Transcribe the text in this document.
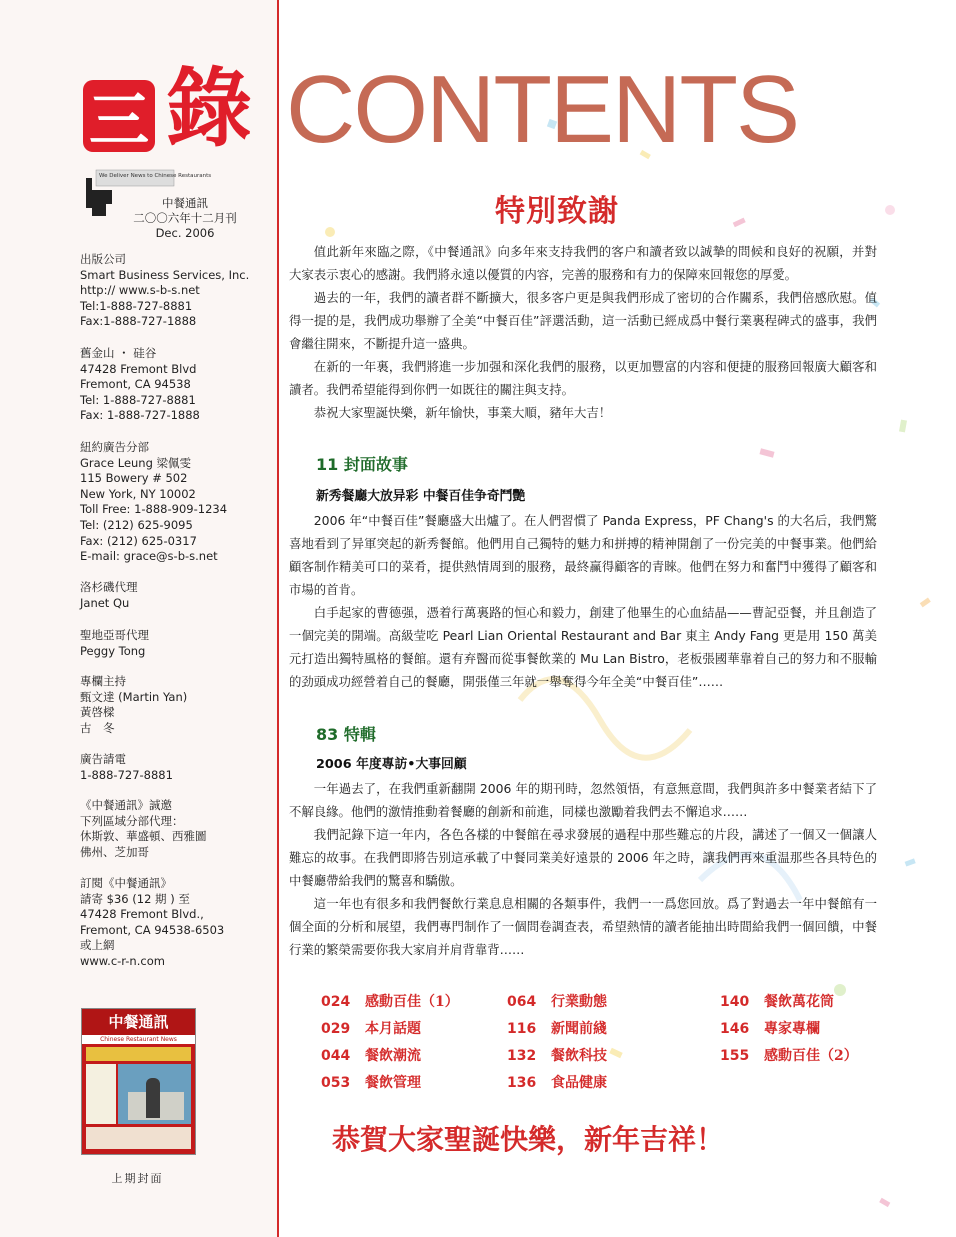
三 錄 CONTENTS
We Deliver News to Chinese Restaurants
中餐通訊
二〇〇六年十二月刊
Dec. 2006
出版公司
Smart Business Services, Inc.
http:// www.s-b-s.net
Tel:1-888-727-8881
Fax:1-888-727-1888
舊金山 ・ 硅谷
47428 Fremont Blvd
Fremont, CA 94538
Tel: 1-888-727-8881
Fax: 1-888-727-1888
紐約廣告分部
Grace Leung 梁佩雯
115 Bowery # 502
New York, NY 10002
Toll Free: 1-888-909-1234
Tel: (212) 625-9095
Fax: (212) 625-0317
E-mail: grace@s-b-s.net
洛杉磯代理
Janet Qu
聖地亞哥代理
Peggy Tong
專欄主持
甄文達 (Martin Yan)
黃啓樑
古　冬
廣告請電
1-888-727-8881
《中餐通訊》誠邀
下列區域分部代理：
休斯敦、華盛頓、西雅圖
佛州、芝加哥
訂閱《中餐通訊》
請寄 $36 (12 期 ) 至
47428 Fremont Blvd.,
Fremont, CA 94538-6503
或上網
www.c-r-n.com
中餐通訊
Chinese Restaurant News
上期封面
特別致謝
值此新年來臨之際，《中餐通訊》向多年來支持我們的客户和讀者致以誠摯的問候和良好的祝願，并對大家表示衷心的感謝。我們將永遠以優質的内容，完善的服務和有力的保障來回報您的厚愛。
過去的一年，我們的讀者群不斷擴大，很多客户更是與我們形成了密切的合作關系，我們倍感欣慰。值得一提的是，我們成功舉辦了全美“中餐百佳”評選活動，這一活動已經成爲中餐行業裏程碑式的盛事，我們會繼往開來，不斷提升這一盛典。
在新的一年裏，我們將進一步加强和深化我們的服務，以更加豐富的内容和便捷的服務回報廣大顧客和讀者。我們希望能得到你們一如既往的關注與支持。
恭祝大家聖誕快樂，新年愉快，事業大順，豬年大吉！
11 封面故事
新秀餐廳大放异彩 中餐百佳争奇鬥艷
2006 年“中餐百佳”餐廳盛大出爐了。在人們習慣了 Panda Express，PF Chang's 的大名后，我們驚喜地看到了异軍突起的新秀餐館。他們用自己獨特的魅力和拼搏的精神開創了一份完美的中餐事業。他們給顧客制作精美可口的菜肴，提供熱情周到的服務，最終赢得顧客的青睞。他們在努力和奮鬥中獲得了顧客和市場的首肯。
白手起家的曹德强，憑着行萬裏路的恒心和毅力，創建了他畢生的心血結晶——曹記亞餐，并且創造了一個完美的開端。高級莹吃 Pearl Lian Oriental Restaurant and Bar 東主 Andy Fang 更是用 150 萬美元打造出獨特風格的餐館。還有弃醫而從事餐飲業的 Mu Lan Bistro，老板張國華靠着自己的努力和不服輸的劲頭成功經營着自己的餐廳，開張僅三年就一舉奪得今年全美“中餐百佳”……
83 特輯
2006 年度專訪•大事回顧
一年過去了，在我們重新翻開 2006 年的期刊時，忽然領悟，有意無意間，我們與許多中餐業者結下了不解良緣。他們的激情推動着餐廳的創新和前進，同樣也激勵着我們去不懈追求……
我們記錄下這一年内，各色各樣的中餐館在尋求發展的過程中那些難忘的片段，講述了一個又一個讓人難忘的故事。在我們即將告别這承載了中餐同業美好遠景的 2006 年之時，讓我們再來重温那些各具特色的中餐廳帶給我們的驚喜和驕傲。
這一年也有很多和我們餐飲行業息息相關的各類事件，我們一一爲您回放。爲了對過去一年中餐館有一個全面的分析和展望，我們專門制作了一個問卷調查表，希望熱情的讀者能抽出時間給我們一個回饋，中餐行業的繁榮需要你我大家肩并肩背靠背……
024 感動百佳（1）
029 本月話題
044 餐飲潮流
053 餐飲管理
064 行業動態
116 新聞前綫
132 餐飲科技
136 食品健康
140 餐飲萬花筒
146 專家專欄
155 感動百佳（2）
恭賀大家聖誕快樂，新年吉祥！
